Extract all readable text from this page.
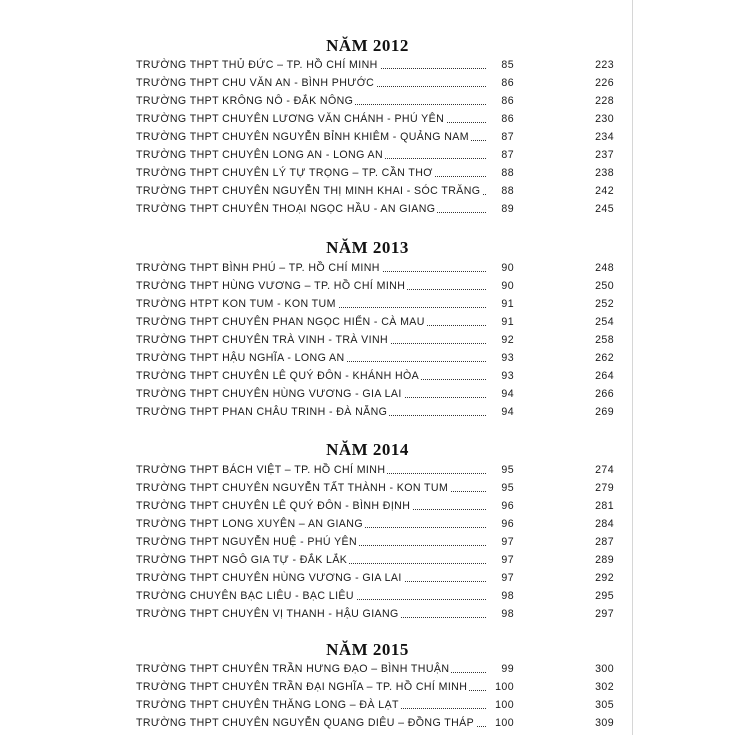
NĂM 2012
TRƯỜNG THPT THỦ ĐỨC – TP. HỒ CHÍ MINH	85	223
TRƯỜNG THPT CHU VĂN AN - BÌNH PHƯỚC	86	226
TRƯỜNG THPT KRÔNG NÔ - ĐẮK NÔNG	86	228
TRƯỜNG THPT CHUYÊN LƯƠNG VĂN CHÁNH - PHÚ YÊN	86	230
TRƯỜNG THPT CHUYÊN NGUYỄN BỈNH KHIÊM - QUẢNG NAM	87	234
TRƯỜNG THPT CHUYÊN LONG AN - LONG AN	87	237
TRƯỜNG THPT CHUYÊN LÝ TỰ TRỌNG – TP. CẦN THƠ	88	238
TRƯỜNG THPT CHUYÊN NGUYỄN THỊ MINH KHAI - SÓC TRĂNG	88	242
TRƯỜNG THPT CHUYÊN THOẠI NGỌC HẦU - AN GIANG	89	245
NĂM 2013
TRƯỜNG THPT BÌNH PHÚ – TP. HỒ CHÍ MINH	90	248
TRƯỜNG THPT HÙNG VƯƠNG – TP. HỒ CHÍ MINH	90	250
TRƯỜNG HTPT KON TUM - KON TUM	91	252
TRƯỜNG THPT CHUYÊN PHAN NGỌC HIỂN - CÀ MAU	91	254
TRƯỜNG THPT CHUYÊN TRÀ VINH - TRÀ VINH	92	258
TRƯỜNG THPT HẬU NGHĨA - LONG AN	93	262
TRƯỜNG THPT CHUYÊN LÊ QUÝ ĐÔN - KHÁNH HÒA	93	264
TRƯỜNG THPT CHUYÊN HÙNG VƯƠNG - GIA LAI	94	266
TRƯỜNG THPT PHAN CHÂU TRINH - ĐÀ NẴNG	94	269
NĂM 2014
TRƯỜNG THPT BÁCH VIỆT – TP. HỒ CHÍ MINH	95	274
TRƯỜNG THPT CHUYÊN NGUYỄN TẤT THÀNH - KON TUM	95	279
TRƯỜNG THPT CHUYÊN LÊ QUÝ ĐÔN - BÌNH ĐỊNH	96	281
TRƯỜNG THPT LONG XUYÊN – AN GIANG	96	284
TRƯỜNG THPT NGUYỄN HUỆ - PHÚ YÊN	97	287
TRƯỜNG THPT NGÔ GIA TỰ - ĐẮK LẮK	97	289
TRƯỜNG THPT CHUYÊN HÙNG VƯƠNG - GIA LAI	97	292
TRƯỜNG CHUYÊN BẠC LIÊU - BẠC LIÊU	98	295
TRƯỜNG THPT CHUYÊN VỊ THANH - HẬU GIANG	98	297
NĂM 2015
TRƯỜNG THPT CHUYÊN TRẦN HƯNG ĐẠO – BÌNH THUẬN	99	300
TRƯỜNG THPT CHUYÊN TRẦN ĐẠI NGHĨA – TP. HỒ CHÍ MINH	100	302
TRƯỜNG THPT CHUYÊN THĂNG LONG – ĐÀ LẠT	100	305
TRƯỜNG THPT CHUYÊN NGUYỄN QUANG DIÊU – ĐỒNG THÁP	100	309
